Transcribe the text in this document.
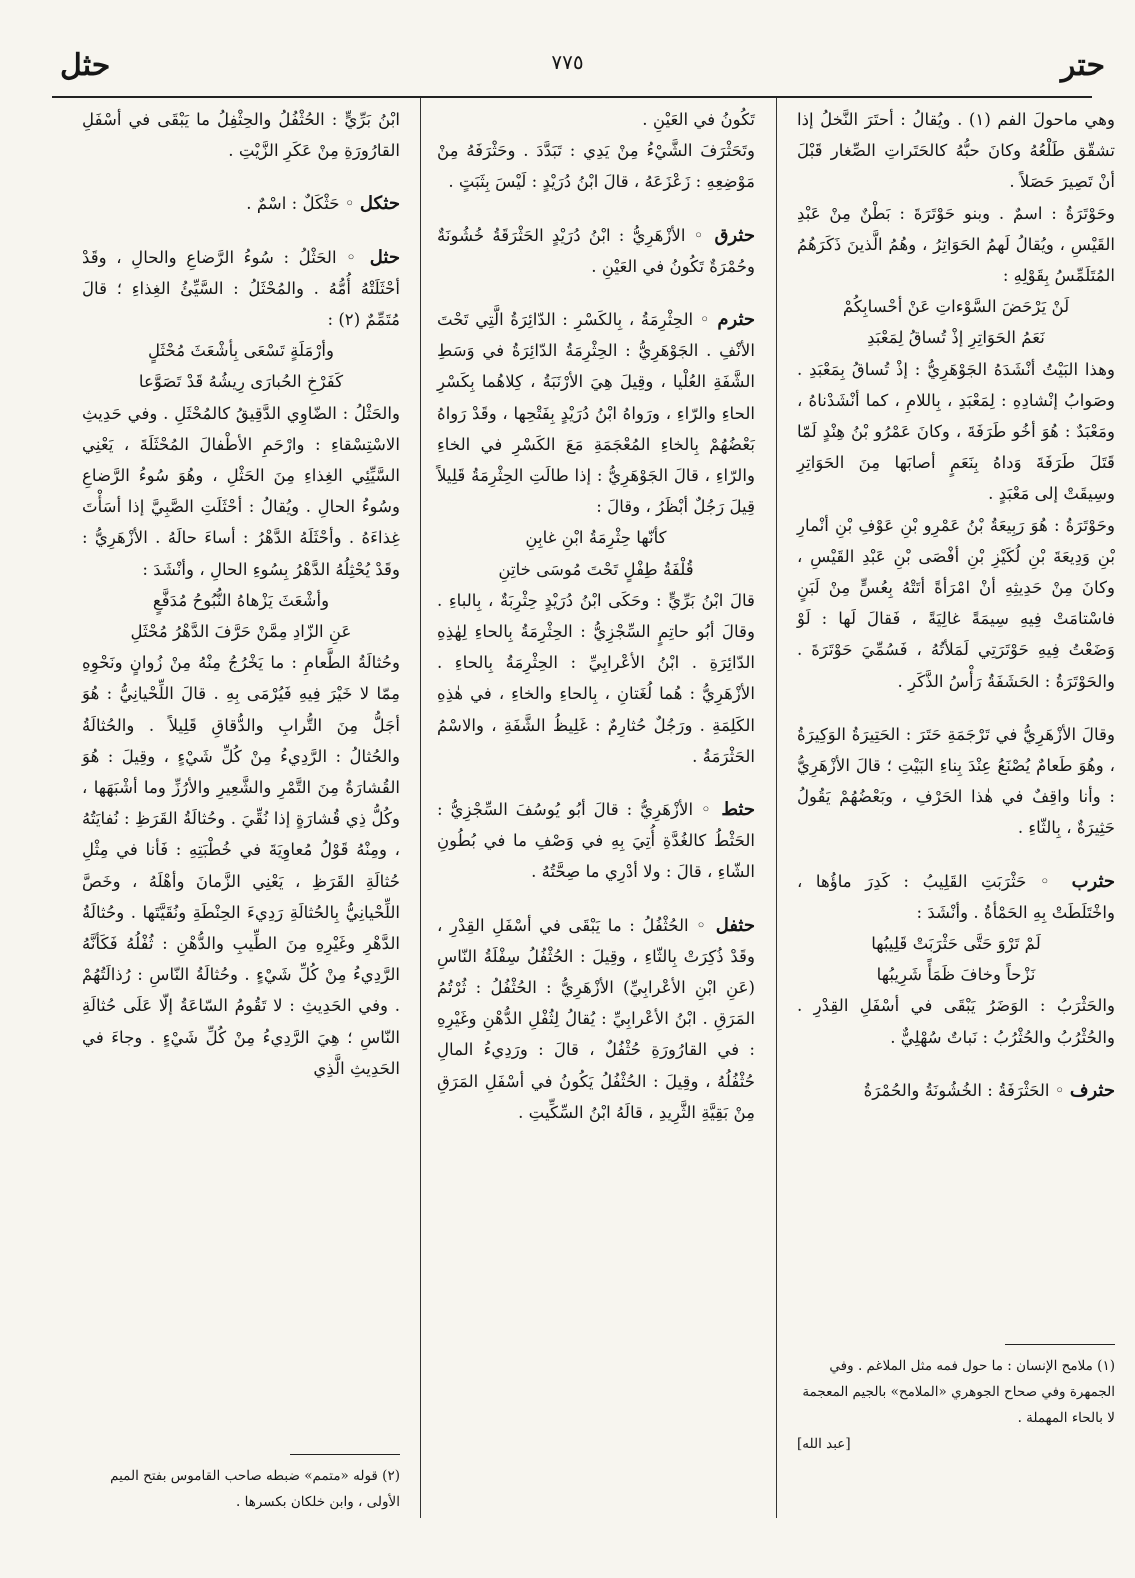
حتر
٧٧٥
حثل

وهي ماحولَ الفم (١) . ويُقالُ : أحتَرَ النَّخلُ إذا تشقّق طَلْعُهُ وكانَ حبُّهُ كالحَتَراتِ الصِّغار قَبْلَ أنْ تَصِيرَ حَصَلاً .

وحَوْتَرَةُ : اسمٌ . وبنو حَوْتَرَةَ : بَطْنٌ مِنْ عَبْدِ القَيْسِ ، ويُقالُ لَهمُ الحَوَاتِرُ ، وهُمُ الَّذينَ ذَكَرَهُمُ المُتَلَمِّسُ بِقَوْلِهِ :

لَنْ يَرْحَضَ السَّوْءاتِ عَنْ أحْسابِكُمْ

نَعَمُ الحَوَاتِرِ إذْ تُساقُ لِمَعْبَدِ

وهذا البَيْتُ أنْشَدَهُ الجَوْهَرِيُّ : إذْ تُساقُ بِمَعْبَدِ . وصَوابُ إنْشادِهِ : لِمَعْبَدِ ، بِاللامِ ، كما أنْشَدْناهُ ، ومَعْبَدٌ : هُوَ أخُو طَرَفَةَ ، وكانَ عَمْرُو بْنُ هِنْدٍ لَمّا قَتَلَ طَرَفَةَ وَداهُ بِنَعَمٍ أصابَها مِنَ الحَوَاتِرِ وسِيقَتْ إلى مَعْبَدٍ .

وحَوْتَرَةُ : هُوَ رَبِيعَةُ بْنُ عَمْرِو بْنِ عَوْفِ بْنِ أنْمارِ بْنِ وَدِيعَةَ بْنِ لُكَيْزِ بْنِ أفْصَى بْنِ عَبْدِ القَيْسِ ، وكانَ مِنْ حَدِيثِهِ أنْ امْرَأةً أتَتْهُ بِعُسٍّ مِنْ لَبَنٍ فاسْتامَتْ فِيهِ سِيمَةً غالِيَةً ، فَقالَ لَها : لَوْ وَضَعْتُ فِيهِ حَوْتَرَتِي لَمَلأتُهُ ، فَسُمِّيَ حَوْتَرَةَ . والحَوْتَرَةُ : الحَشَفَةُ رَأْسُ الذَّكَرِ .

وقالَ الأزْهَرِيُّ في تَرْجَمَةِ حَتَرَ : الحَتِيرَةُ الوَكِيرَةُ ، وهُوَ طَعامٌ يُصْنَعُ عِنْدَ بِناءِ البَيْتِ ؛ قالَ الأزْهَرِيُّ : وأنا واقِفٌ في هٰذا الحَرْفِ ، وبَعْضُهُمْ يَقُولُ حَثِيرَةٌ ، بِالثّاءِ .

حثرب ◦ حَثْرَبَتِ القَلِيبُ : كَدِرَ ماؤُها ، واخْتَلَطَتْ بِهِ الحَمْأةُ . وأنْشَدَ :

لَمْ تَرْوَ حَتَّى حَثْرَبَتْ قَلِيبُها

نَزْحاً وخافَ ظَمَأً شَرِيبُها

والحَثْرَبُ : الوَضَرُ يَبْقَى في أسْفَلِ القِدْرِ . والحُثْرُبُ والحُثْرُبُ : نَباتٌ سُهْلِيٌّ .

حثرف ◦ الحَثْرَفَةُ : الخُشُونَةُ والحُمْرَةُ

(١) ملامح الإنسان : ما حول فمه مثل الملاغم . وفي الجمهرة وفي صحاح الجوهري «الملامح» بالجيم المعجمة لا بالحاء المهملة .

[عبد الله]

تَكُونُ في العَيْنِ .

وتَحَثْرَفَ الشَّيْءُ مِنْ يَدِي : تَبَدَّدَ . وحَثْرَفَهُ مِنْ مَوْضِعِهِ : زَعْزَعَهُ ، قالَ ابْنُ دُرَيْدٍ : لَيْسَ بِثَبَتٍ .

حثرق ◦ الأزْهَرِيُّ : ابْنُ دُرَيْدٍ الحَثْرَقَةُ خُشُونَةٌ وحُمْرَةٌ تَكُونُ في العَيْنِ .

حثرم ◦ الحِثْرِمَةُ ، بِالكَسْرِ : الدّائِرَةُ الَّتِي تَحْتَ الأنْفِ . الجَوْهَرِيُّ : الحِثْرِمَةُ الدّائِرَةُ في وَسَطِ الشَّفَةِ العُلْيا ، وقِيلَ هِيَ الأرْنَبَةُ ، كِلاهُما بِكَسْرِ الحاءِ والرّاءِ ، ورَواهُ ابْنُ دُرَيْدٍ بِفَتْحِها ، وقَدْ رَواهُ بَعْضُهُمْ بِالخاءِ المُعْجَمَةِ مَعَ الكَسْرِ في الخاءِ والرّاءِ ، قالَ الجَوْهَرِيُّ : إذا طالَتِ الحِثْرِمَةُ قَلِيلاً قِيلَ رَجُلٌ أبْظَرُ ، وقالَ :

كأنّها حِثْرِمَةُ ابْنِ غابِنِ

قُلْفَةُ طِفْلٍ تَحْتَ مُوسَى خاتِنِ

قالَ ابْنُ بَرِّيٍّ : وحَكَى ابْنُ دُرَيْدٍ حِثْرِبَةٌ ، بِالباءِ . وقالَ أبُو حاتِمٍ السِّجْزِيُّ : الحِثْرِمَةُ بِالحاءِ لِهٰذِهِ الدّائِرَةِ . ابْنُ الأعْرابِيِّ : الحِثْرِمَةُ بِالحاءِ . الأزْهَرِيُّ : هُما لُغَتانِ ، بِالحاءِ والخاءِ ، في هٰذِهِ الكَلِمَةِ . ورَجُلٌ حُثارِمٌ : غَلِيظُ الشَّفَةِ ، والاسْمُ الحَثْرَمَةُ .

حثط ◦ الأزْهَرِيُّ : قالَ أبُو يُوسُفَ السِّجْزِيُّ : الحَثْطُ كالغُدَّةِ أُتِيَ بِهِ في وَصْفِ ما في بُطُونِ الشّاءِ ، قالَ : ولا أدْرِي ما صِحَّتُهُ .

حثفل ◦ الحُثْفُلُ : ما يَبْقَى في أسْفَلِ القِدْرِ ، وقَدْ ذُكِرَتْ بِالثّاءِ ، وقِيلَ : الحُثْفُلُ سِفْلَةُ النّاسِ (عَنِ ابْنِ الأعْرابِيِّ) الأزْهَرِيُّ : الحُثْفُلُ : ثُرْتُمُ المَرَقِ . ابْنُ الأعْرابِيِّ : يُقالُ لِثُفْلِ الدُّهْنِ وغَيْرِهِ : في القارُورَةِ حُثْفُلٌ ، قالَ : ورَدِيءُ المالِ حُثْفُلُهُ ، وقِيلَ : الحُثْفُلُ يَكُونُ في أسْفَلِ المَرَقِ مِنْ بَقِيَّةِ الثَّرِيدِ ، قالَهُ ابْنُ السِّكِّيتِ .

ابْنُ بَرِّيٍّ : الحُثْفُلُ والحِثْفِلُ ما يَبْقَى في أسْفَلِ القارُورَةِ مِنْ عَكَرِ الزَّيْتِ .

حثكل ◦ حَثْكَلٌ : اسْمٌ .

حثل ◦ الحَثْلُ : سُوءُ الرَّضاعِ والحالِ ، وقَدْ أحْثَلَتْهُ أُمُّهُ . والمُحْثَلُ : السَّيِّئُ الغِذاءِ ؛ قالَ مُتَمِّمٌ (٢) :

وأرْمَلَةٍ تَسْعَى بِأشْعَثَ مُحْثَلٍ

كَفَرْخِ الحُبارَى رِيشُهُ قَدْ تَصَوَّعا

والحَثْلُ : الضّاوِي الدَّقِيقُ كالمُحْثَلِ . وفي حَدِيثِ الاسْتِسْقاءِ : وارْحَمِ الأطْفالَ المُحْثَلَةَ ، يَعْنِي السَّيِّئِي الغِذاءِ مِنَ الحَثْلِ ، وهُوَ سُوءُ الرَّضاعِ وسُوءُ الحالِ . ويُقالُ : أحْثَلَتِ الصَّبِيَّ إذا أسَأْتَ غِذاءَهُ . وأحْثَلَهُ الدَّهْرُ : أساءَ حالَهُ . الأزْهَرِيُّ : وقَدْ يُحْثِلُهُ الدَّهْرُ بِسُوءِ الحالِ ، وأنْشَدَ :

وأشْعَثَ يَزْهاهُ النُّبُوحُ مُدَفَّعٍ

عَنِ الزّادِ مِمَّنْ حَرَّفَ الدَّهْرُ مُحْثَلِ

وحُثالَةُ الطَّعامِ : ما يَخْرُجُ مِنْهُ مِنْ زُوانٍ ونَحْوِهِ مِمّا لا خَيْرَ فِيهِ فَيُرْمَى بِهِ . قالَ اللِّحْيانِيُّ : هُوَ أجَلُّ مِنَ التُّرابِ والدُّقاقِ قَلِيلاً . والحُثالَةُ والحُثالُ : الرَّدِيءُ مِنْ كُلِّ شَيْءٍ ، وقِيلَ : هُوَ القُشارَةُ مِنَ التَّمْرِ والشَّعِيرِ والأرُزِّ وما أشْبَهَها ، وكُلُّ ذِي قُشارَةٍ إذا نُقِّيَ . وحُثالَةُ القَرَظِ : نُفايَتُهُ ، ومِنْهُ قَوْلُ مُعاوِيَةَ في خُطْبَتِهِ : فَأنا في مِثْلِ حُثالَةِ القَرَظِ ، يَعْنِي الزَّمانَ وأهْلَهُ ، وخَصَّ اللِّحْيانِيُّ بِالحُثالَةِ رَدِيءَ الحِنْطَةِ ونُقَيَّتَها . وحُثالَةُ الدَّهْرِ وغَيْرِهِ مِنَ الطِّيبِ والدُّهْنِ : ثُفْلُهُ فَكَأنَّهُ الرَّدِيءُ مِنْ كُلِّ شَيْءٍ . وحُثالَةُ النّاسِ : رُذالَتُهُمْ . وفي الحَدِيثِ : لا تَقُومُ السّاعَةُ إلّا عَلَى حُثالَةِ النّاسِ ؛ هِيَ الرَّدِيءُ مِنْ كُلِّ شَيْءٍ . وجاءَ في الحَدِيثِ الَّذِي

(٢) قوله «متمم» ضبطه صاحب القاموس بفتح الميم الأولى ، وابن خلكان بكسرها .
